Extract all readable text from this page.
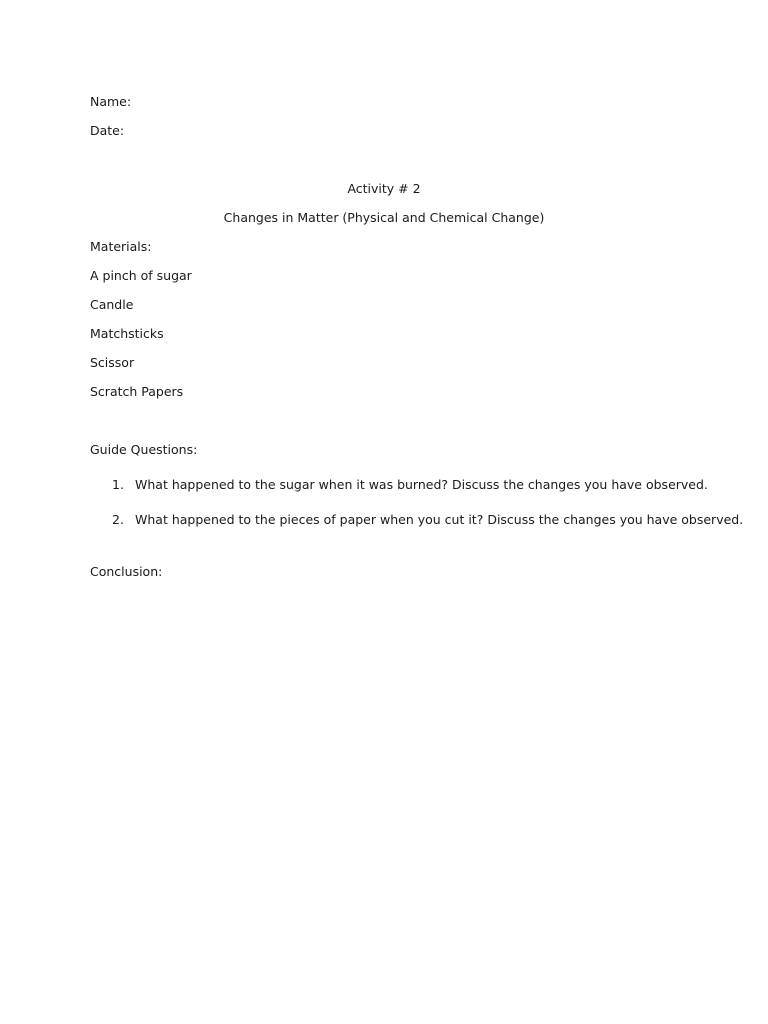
Name:
Date:
Activity # 2
Changes in Matter (Physical and Chemical Change)
Materials:
A pinch of sugar
Candle
Matchsticks
Scissor
Scratch Papers
Guide Questions:
1. What happened to the sugar when it was burned? Discuss the changes you have observed.
2. What happened to the pieces of paper when you cut it? Discuss the changes you have observed.
Conclusion:
